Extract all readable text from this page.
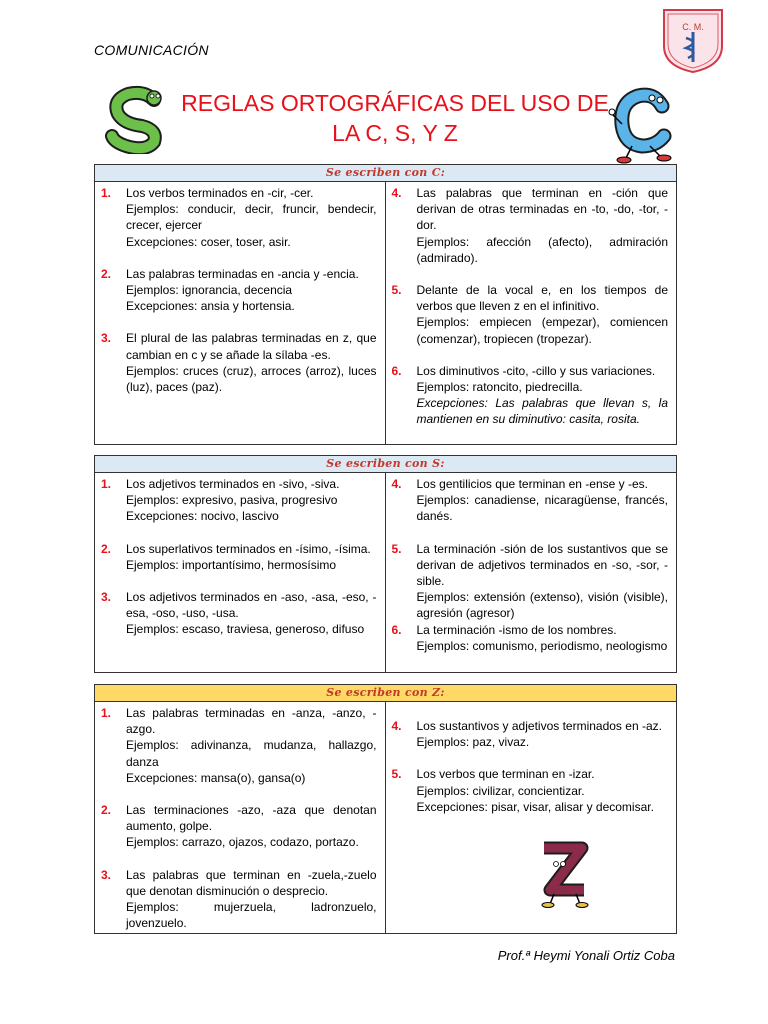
COMUNICACIÓN
C. M.
REGLAS ORTOGRÁFICAS DEL USO DE
LA C, S, Y Z
Se escriben con C:
1.	Los verbos terminados en -cir, -cer.
Ejemplos: conducir, decir, fruncir, bendecir, crecer, ejercer
Excepciones: coser, toser, asir.
2.	Las palabras terminadas en -ancia y -encia.
Ejemplos: ignorancia, decencia
Excepciones: ansia y hortensia.
3.	El plural de las palabras terminadas en z, que cambian en c y se añade la sílaba -es.
Ejemplos: cruces (cruz), arroces (arroz), luces (luz), paces (paz).
4.	Las palabras que terminan en -ción que derivan de otras terminadas en -to, -do, -tor, -dor.
Ejemplos: afección (afecto), admiración (admirado).
5.	Delante de la vocal e, en los tiempos de verbos que lleven z en el infinitivo.
Ejemplos: empiecen (empezar), comiencen (comenzar), tropiecen (tropezar).
6.	Los diminutivos -cito, -cillo y sus variaciones.
Ejemplos: ratoncito, piedrecilla.
Excepciones: Las palabras que llevan s, la mantienen en su diminutivo: casita, rosita.
Se escriben con S:
1.	Los adjetivos terminados en -sivo, -siva.
Ejemplos: expresivo, pasiva, progresivo
Excepciones: nocivo, lascivo
2.	Los superlativos terminados en -ísimo, -ísima.
Ejemplos: importantísimo, hermosísimo
3.	Los adjetivos terminados en -aso, -asa, -eso, -esa, -oso, -uso, -usa.
Ejemplos: escaso, traviesa, generoso, difuso
4.	Los gentilicios que terminan en -ense y -es.
Ejemplos: canadiense, nicaragüense, francés, danés.
5.	La terminación -sión de los sustantivos que se derivan de adjetivos terminados en -so, -sor, -sible.
Ejemplos: extensión (extenso), visión (visible), agresión (agresor)
6.	La terminación -ismo de los nombres.
Ejemplos: comunismo, periodismo, neologismo
Se escriben con Z:
1.	Las palabras terminadas en -anza, -anzo, -azgo.
Ejemplos: adivinanza, mudanza, hallazgo, danza
Excepciones: mansa(o), gansa(o)
2.	Las terminaciones -azo, -aza que denotan aumento, golpe.
Ejemplos: carrazo, ojazos, codazo, portazo.
3.	Las palabras que terminan en -zuela,-zuelo que denotan disminución o desprecio.
Ejemplos: mujerzuela, ladronzuelo, jovenzuelo.
4.	Los sustantivos y adjetivos terminados en -az.
Ejemplos: paz, vivaz.
5.	Los verbos que terminan en -izar.
Ejemplos: civilizar, concientizar.
Excepciones: pisar, visar, alisar y decomisar.
Prof.ª Heymi Yonali Ortiz Coba
